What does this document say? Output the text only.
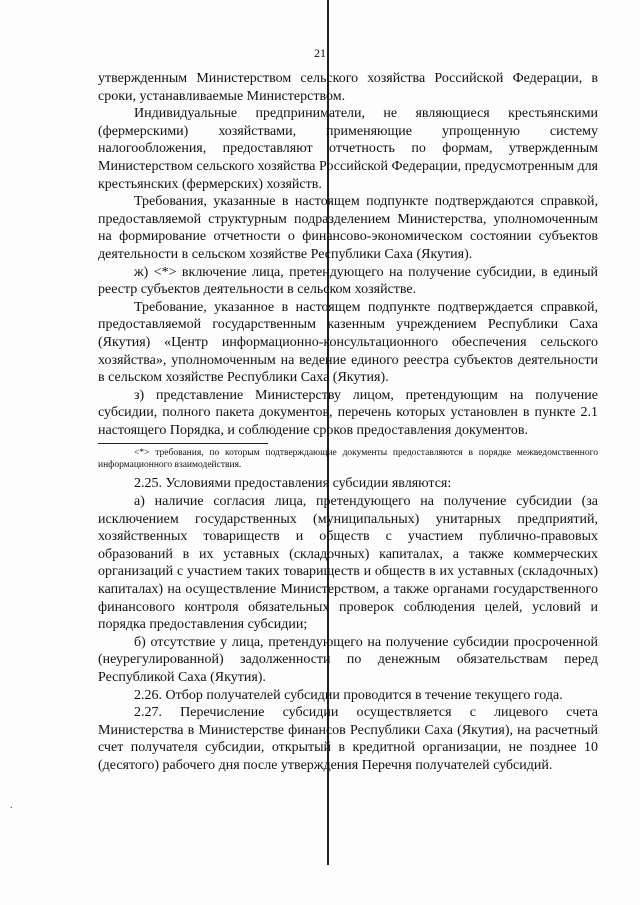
21
.

утвержденным Министерством сельского хозяйства Российской Федерации, в сроки, устанавливаемые Министерством.

Индивидуальные предприниматели, не являющиеся крестьянскими (фермерскими) хозяйствами, применяющие упрощенную систему налогообложения, предоставляют отчетность по формам, утвержденным Министерством сельского хозяйства Российской Федерации, предусмотренным для крестьянских (фермерских) хозяйств.

Требования, указанные в настоящем подпункте подтверждаются справкой, предоставляемой структурным подразделением Министерства, уполномоченным на формирование отчетности о финансово-экономическом состоянии субъектов деятельности в сельском хозяйстве Республики Саха (Якутия).

ж) <*> включение лица, претендующего на получение субсидии, в единый реестр субъектов деятельности в сельском хозяйстве.

Требование, указанное в настоящем подпункте подтверждается справкой, предоставляемой государственным казенным учреждением Республики Саха (Якутия) «Центр информационно-консультационного обеспечения сельского хозяйства», уполномоченным на ведение единого реестра субъектов деятельности в сельском хозяйстве Республики Саха (Якутия).

з) представление Министерству лицом, претендующим на получение субсидии, полного пакета документов, перечень которых установлен в пункте 2.1 настоящего Порядка, и соблюдение сроков предоставления документов.

<*> требования, по которым подтверждающие документы предоставляются в порядке межведомственного информационного взаимодействия.

2.25. Условиями предоставления субсидии являются:

а) наличие согласия лица, претендующего на получение субсидии (за исключением государственных (муниципальных) унитарных предприятий, хозяйственных товариществ и обществ с участием публично-правовых образований в их уставных (складочных) капиталах, а также коммерческих организаций с участием таких товариществ и обществ в их уставных (складочных) капиталах) на осуществление Министерством, а также органами государственного финансового контроля обязательных проверок соблюдения целей, условий и порядка предоставления субсидии;

б) отсутствие у лица, претендующего на получение субсидии просроченной (неурегулированной) задолженности по денежным обязательствам перед Республикой Саха (Якутия).

2.26. Отбор получателей субсидии проводится в течение текущего года.

2.27. Перечисление субсидии осуществляется с лицевого счета Министерства в Министерстве финансов Республики Саха (Якутия), на расчетный счет получателя субсидии, открытый в кредитной организации, не позднее 10 (десятого) рабочего дня после утверждения Перечня получателей субсидий.
